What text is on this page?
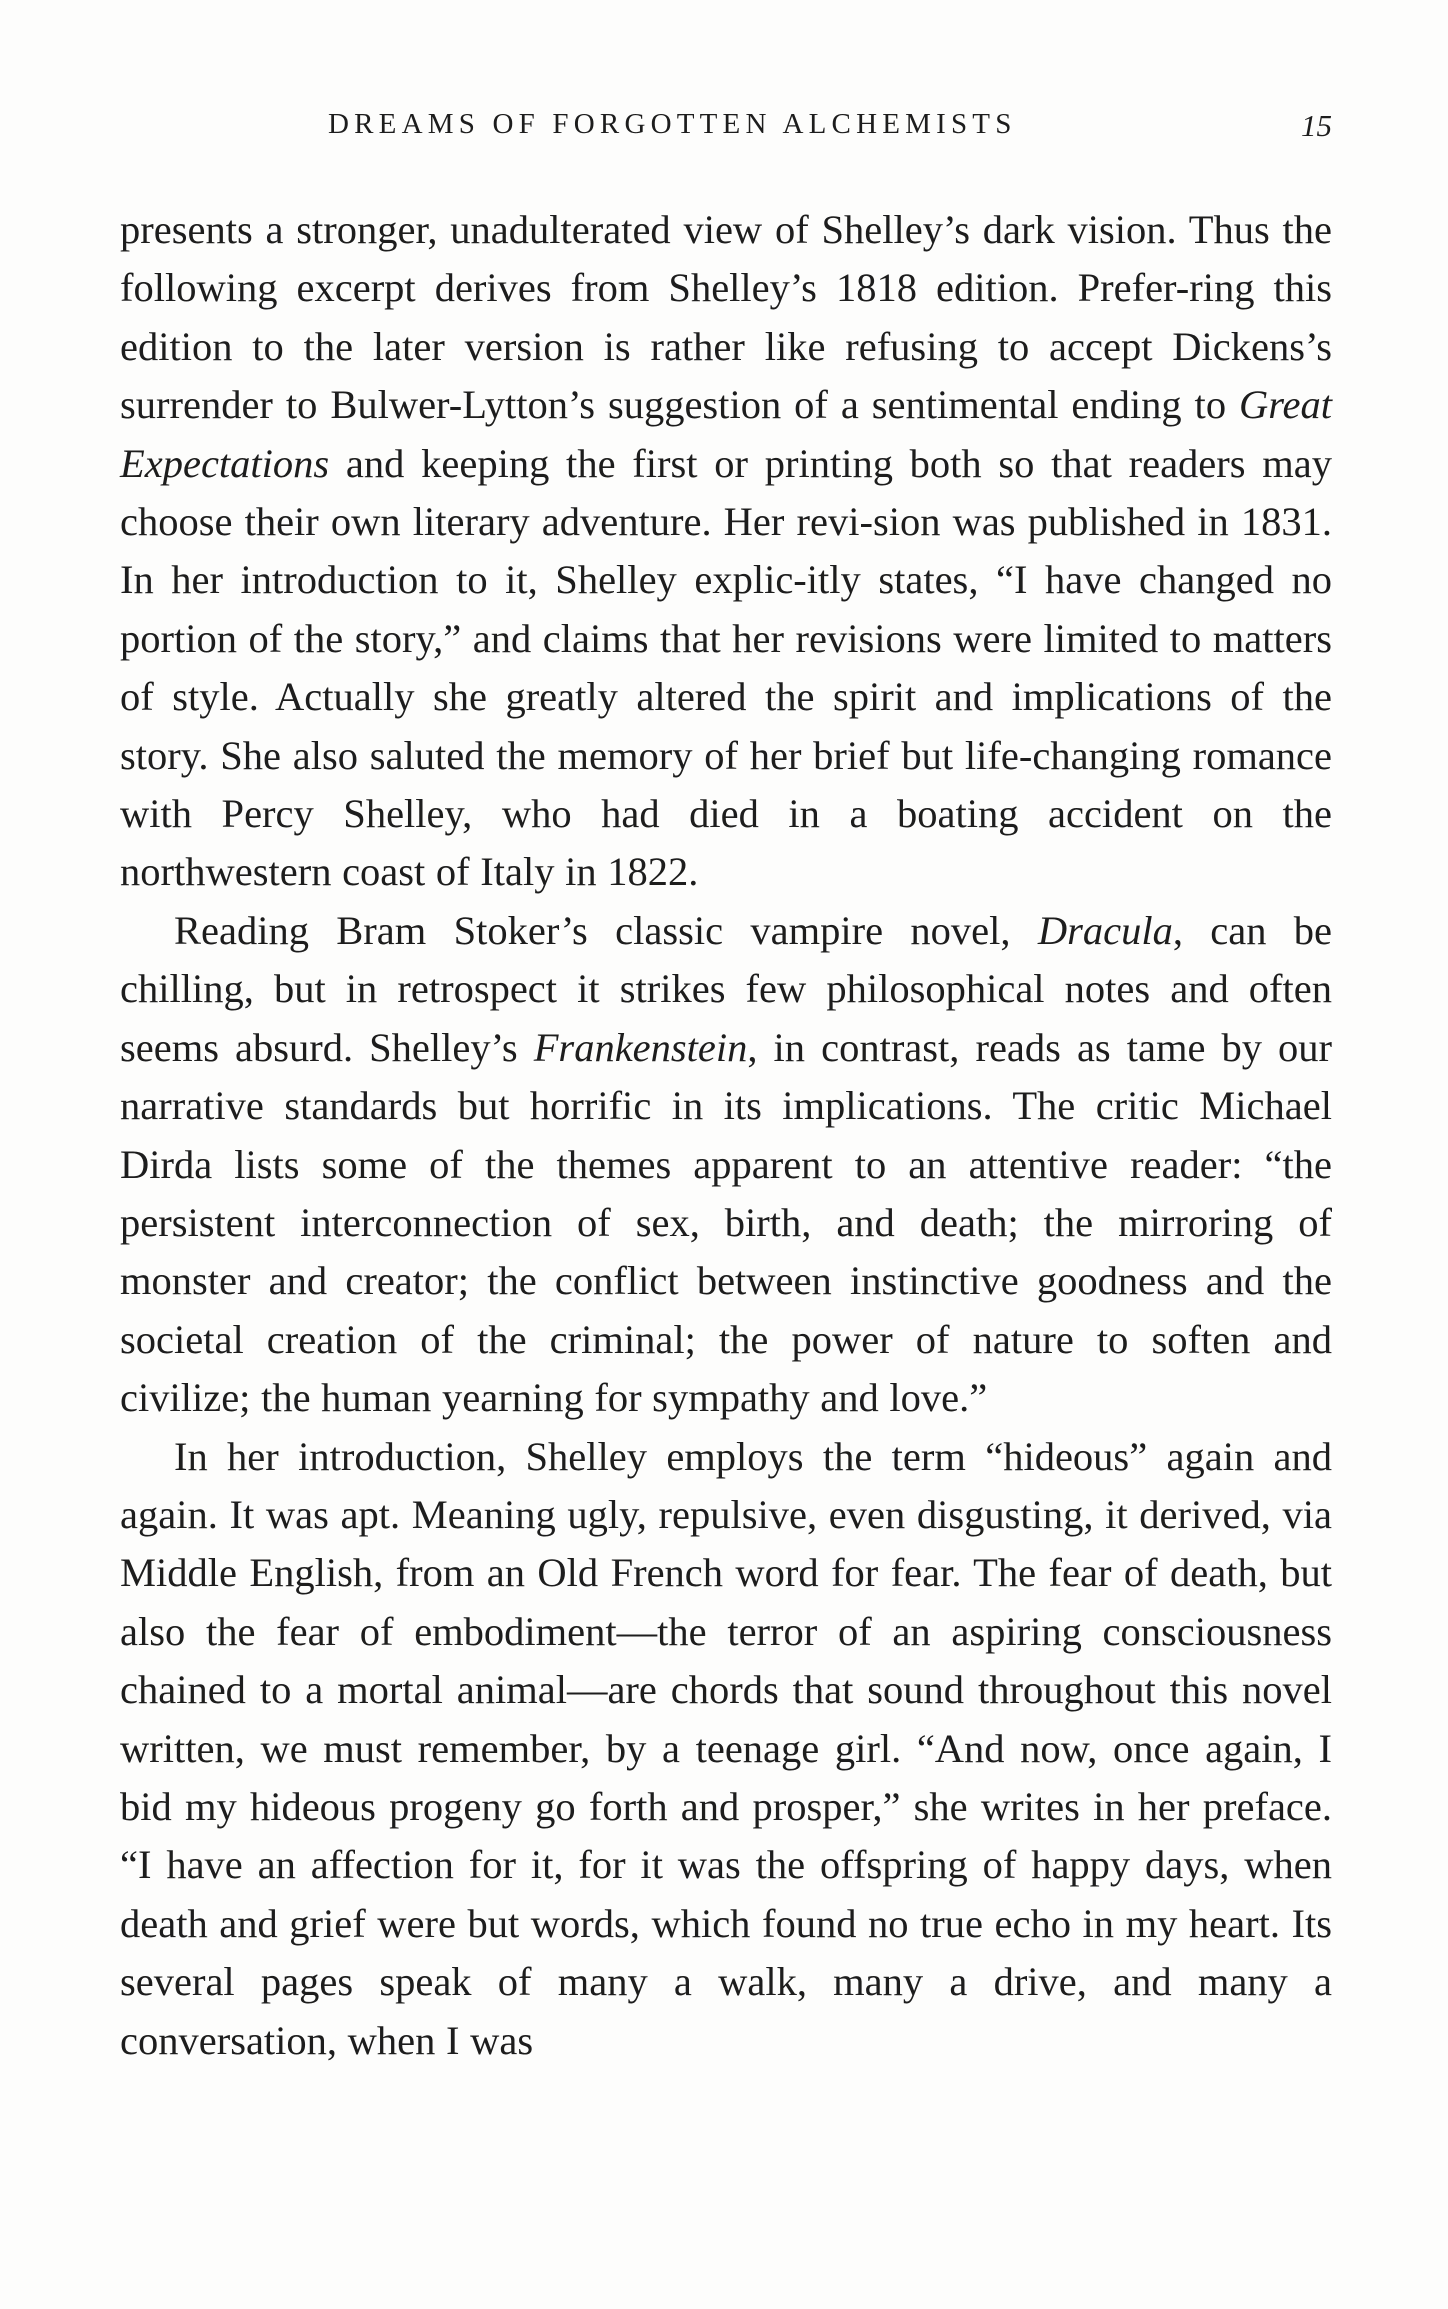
DREAMS OF FORGOTTEN ALCHEMISTS	15

presents a stronger, unadulterated view of Shelley’s dark vision. Thus the following excerpt derives from Shelley’s 1818 edition. Prefer-ring this edition to the later version is rather like refusing to accept Dickens’s surrender to Bulwer-Lytton’s suggestion of a sentimental ending to Great Expectations and keeping the first or printing both so that readers may choose their own literary adventure. Her revi-sion was published in 1831. In her introduction to it, Shelley explic-itly states, “I have changed no portion of the story,” and claims that her revisions were limited to matters of style. Actually she greatly altered the spirit and implications of the story. She also saluted the memory of her brief but life-changing romance with Percy Shelley, who had died in a boating accident on the northwestern coast of Italy in 1822.

Reading Bram Stoker’s classic vampire novel, Dracula, can be chilling, but in retrospect it strikes few philosophical notes and often seems absurd. Shelley’s Frankenstein, in contrast, reads as tame by our narrative standards but horrific in its implications. The critic Michael Dirda lists some of the themes apparent to an attentive reader: “the persistent interconnection of sex, birth, and death; the mirroring of monster and creator; the conflict between instinctive goodness and the societal creation of the criminal; the power of nature to soften and civilize; the human yearning for sympathy and love.”

In her introduction, Shelley employs the term “hideous” again and again. It was apt. Meaning ugly, repulsive, even disgusting, it derived, via Middle English, from an Old French word for fear. The fear of death, but also the fear of embodiment—the terror of an aspiring consciousness chained to a mortal animal—are chords that sound throughout this novel written, we must remember, by a teenage girl. “And now, once again, I bid my hideous progeny go forth and prosper,” she writes in her preface. “I have an affection for it, for it was the offspring of happy days, when death and grief were but words, which found no true echo in my heart. Its several pages speak of many a walk, many a drive, and many a conversation, when I was
